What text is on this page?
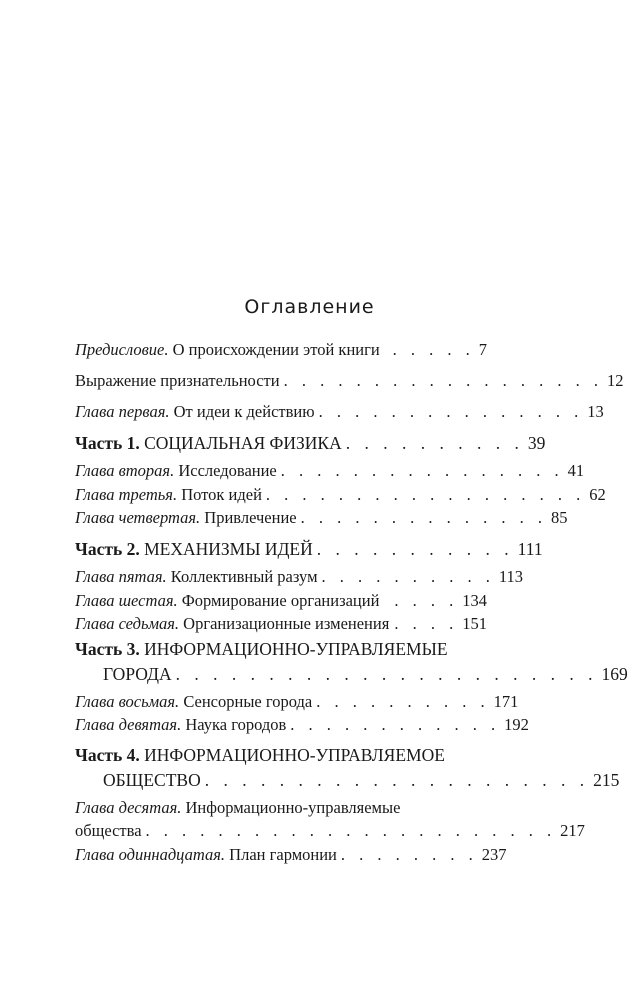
Оглавление
Предисловие. О происхождении этой книги . . . . . 7
Выражение признательности . . . . . . . . . . . . . . . . . . 12
Глава первая. От идеи к действию . . . . . . . . . . . . . . . 13
Часть 1. СОЦИАЛЬНАЯ ФИЗИКА . . . . . . . . . . 39
Глава вторая. Исследование . . . . . . . . . . . . . . . . 41
Глава третья. Поток идей . . . . . . . . . . . . . . . . . . 62
Глава четвертая. Привлечение . . . . . . . . . . . . . . 85
Часть 2. МЕХАНИЗМЫ ИДЕЙ . . . . . . . . . . . 111
Глава пятая. Коллективный разум . . . . . . . . . . 113
Глава шестая. Формирование организаций . . . . 134
Глава седьмая. Организационные изменения . . . . 151
Часть 3. ИНФОРМАЦИОННО-УПРАВЛЯЕМЫЕ
ГОРОДА . . . . . . . . . . . . . . . . . . . . . . . 169
Глава восьмая. Сенсорные города . . . . . . . . . . 171
Глава девятая. Наука городов . . . . . . . . . . . . 192
Часть 4. ИНФОРМАЦИОННО-УПРАВЛЯЕМОЕ
ОБЩЕСТВО . . . . . . . . . . . . . . . . . . . . . 215
Глава десятая. Информационно-управляемые
общества . . . . . . . . . . . . . . . . . . . . . . . 217
Глава одиннадцатая. План гармонии . . . . . . . . 237
